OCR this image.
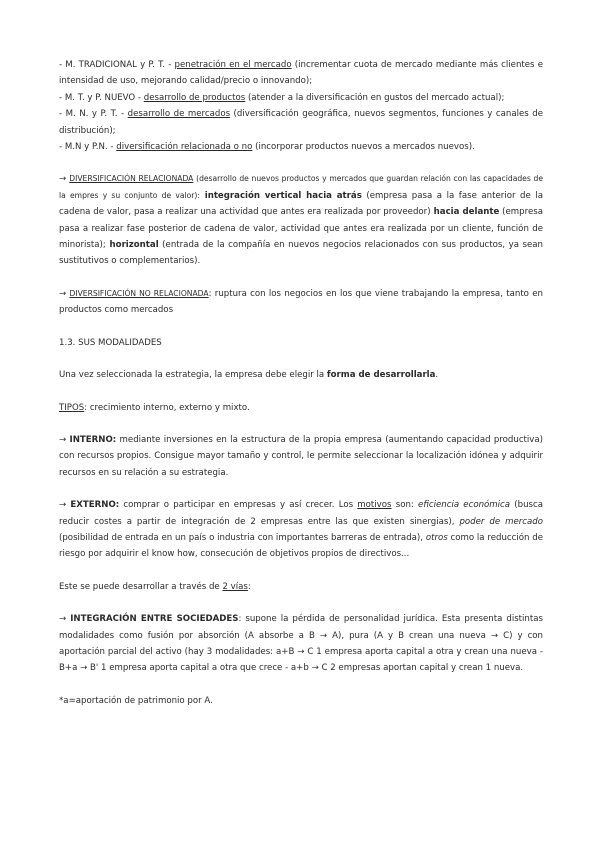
- M. TRADICIONAL y P. T. - penetración en el mercado (incrementar cuota de mercado mediante más clientes e intensidad de uso, mejorando calidad/precio o innovando);

- M. T. y P. NUEVO - desarrollo de productos (atender a la diversificación en gustos del mercado actual);

- M. N. y P. T. - desarrollo de mercados (diversificación geográfica, nuevos segmentos, funciones y canales de distribución);

- M.N y P.N. - diversificación relacionada o no (incorporar productos nuevos a mercados nuevos).

→ DIVERSIFICACIÓN RELACIONADA (desarrollo de nuevos productos y mercados que guardan relación con las capacidades de la empres y su conjunto de valor): integración vertical hacia atrás (empresa pasa a la fase anterior de la cadena de valor, pasa a realizar una actividad que antes era realizada por proveedor) hacia delante (empresa pasa a realizar fase posterior de cadena de valor, actividad que antes era realizada por un cliente, función de minorista); horizontal (entrada de la compañía en nuevos negocios relacionados con sus productos, ya sean sustitutivos o complementarios).

→ DIVERSIFICACIÓN NO RELACIONADA: ruptura con los negocios en los que viene trabajando la empresa, tanto en productos como mercados

1.3. SUS MODALIDADES

Una vez seleccionada la estrategia, la empresa debe elegir la forma de desarrollarla.

TIPOS: crecimiento interno, externo y mixto.

→ INTERNO: mediante inversiones en la estructura de la propia empresa (aumentando capacidad productiva) con recursos propios. Consigue mayor tamaño y control, le permite seleccionar la localización idónea y adquirir recursos en su relación a su estrategia.

→ EXTERNO: comprar o participar en empresas y así crecer. Los motivos son: eficiencia económica (busca reducir costes a partir de integración de 2 empresas entre las que existen sinergias), poder de mercado (posibilidad de entrada en un país o industria con importantes barreras de entrada), otros como la reducción de riesgo por adquirir el know how, consecución de objetivos propios de directivos...

Este se puede desarrollar a través de 2 vías:

→ INTEGRACIÓN ENTRE SOCIEDADES: supone la pérdida de personalidad jurídica. Esta presenta distintas modalidades como fusión por absorción (A absorbe a B → A), pura (A y B crean una nueva → C) y con aportación parcial del activo (hay 3 modalidades: a+B → C 1 empresa aporta capital a otra y crean una nueva - B+a → B' 1 empresa aporta capital a otra que crece - a+b → C 2 empresas aportan capital y crean 1 nueva.

*a=aportación de patrimonio por A.
